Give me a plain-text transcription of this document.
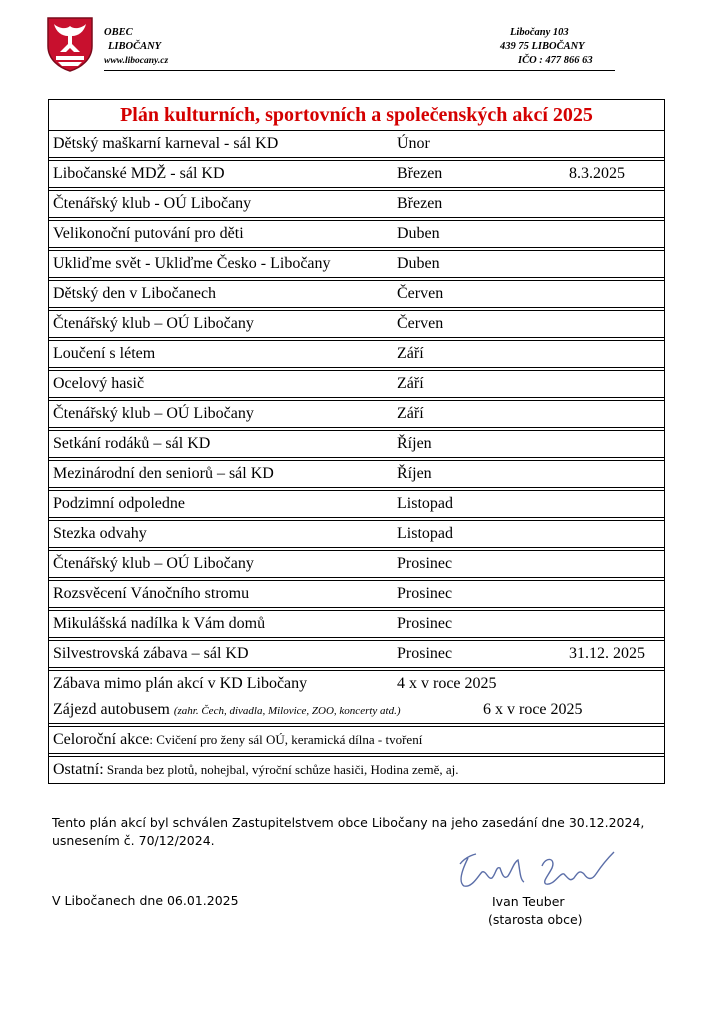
OBEC
LIBOČANY
www.libocany.cz
Libočany 103
439 75 LIBOČANY
IČO : 477 866 63
Plán kulturních, sportovních a společenských akcí 2025
Dětský maškarní karneval - sál KD	Únor
Libočanské MDŽ - sál KD	Březen	8.3.2025
Čtenářský klub - OÚ Libočany	Březen
Velikonoční putování pro děti	Duben
Ukliďme svět - Ukliďme Česko - Libočany	Duben
Dětský den v Libočanech	Červen
Čtenářský klub – OÚ Libočany	Červen
Loučení s létem	Září
Ocelový hasič	Září
Čtenářský klub – OÚ Libočany	Září
Setkání rodáků – sál KD	Říjen
Mezinárodní den seniorů – sál KD	Říjen
Podzimní odpoledne	Listopad
Stezka odvahy	Listopad
Čtenářský klub – OÚ Libočany	Prosinec
Rozsvěcení Vánočního stromu	Prosinec
Mikulášská nadílka k Vám domů	Prosinec
Silvestrovská zábava – sál KD	Prosinec	31.12. 2025
Zábava mimo plán akcí v KD Libočany	4 x v roce 2025
Zájezd autobusem (zahr. Čech, divadla, Milovice, ZOO, koncerty atd.)	6 x v roce 2025
Celoroční akce: Cvičení pro ženy sál OÚ, keramická dílna - tvoření
Ostatní: Sranda bez plotů, nohejbal, výroční schůze hasiči, Hodina země, aj.
Tento plán akcí byl schválen Zastupitelstvem obce Libočany na jeho zasedání dne 30.12.2024, usnesením č. 70/12/2024.
V Libočanech dne 06.01.2025	Ivan Teuber
(starosta obce)
